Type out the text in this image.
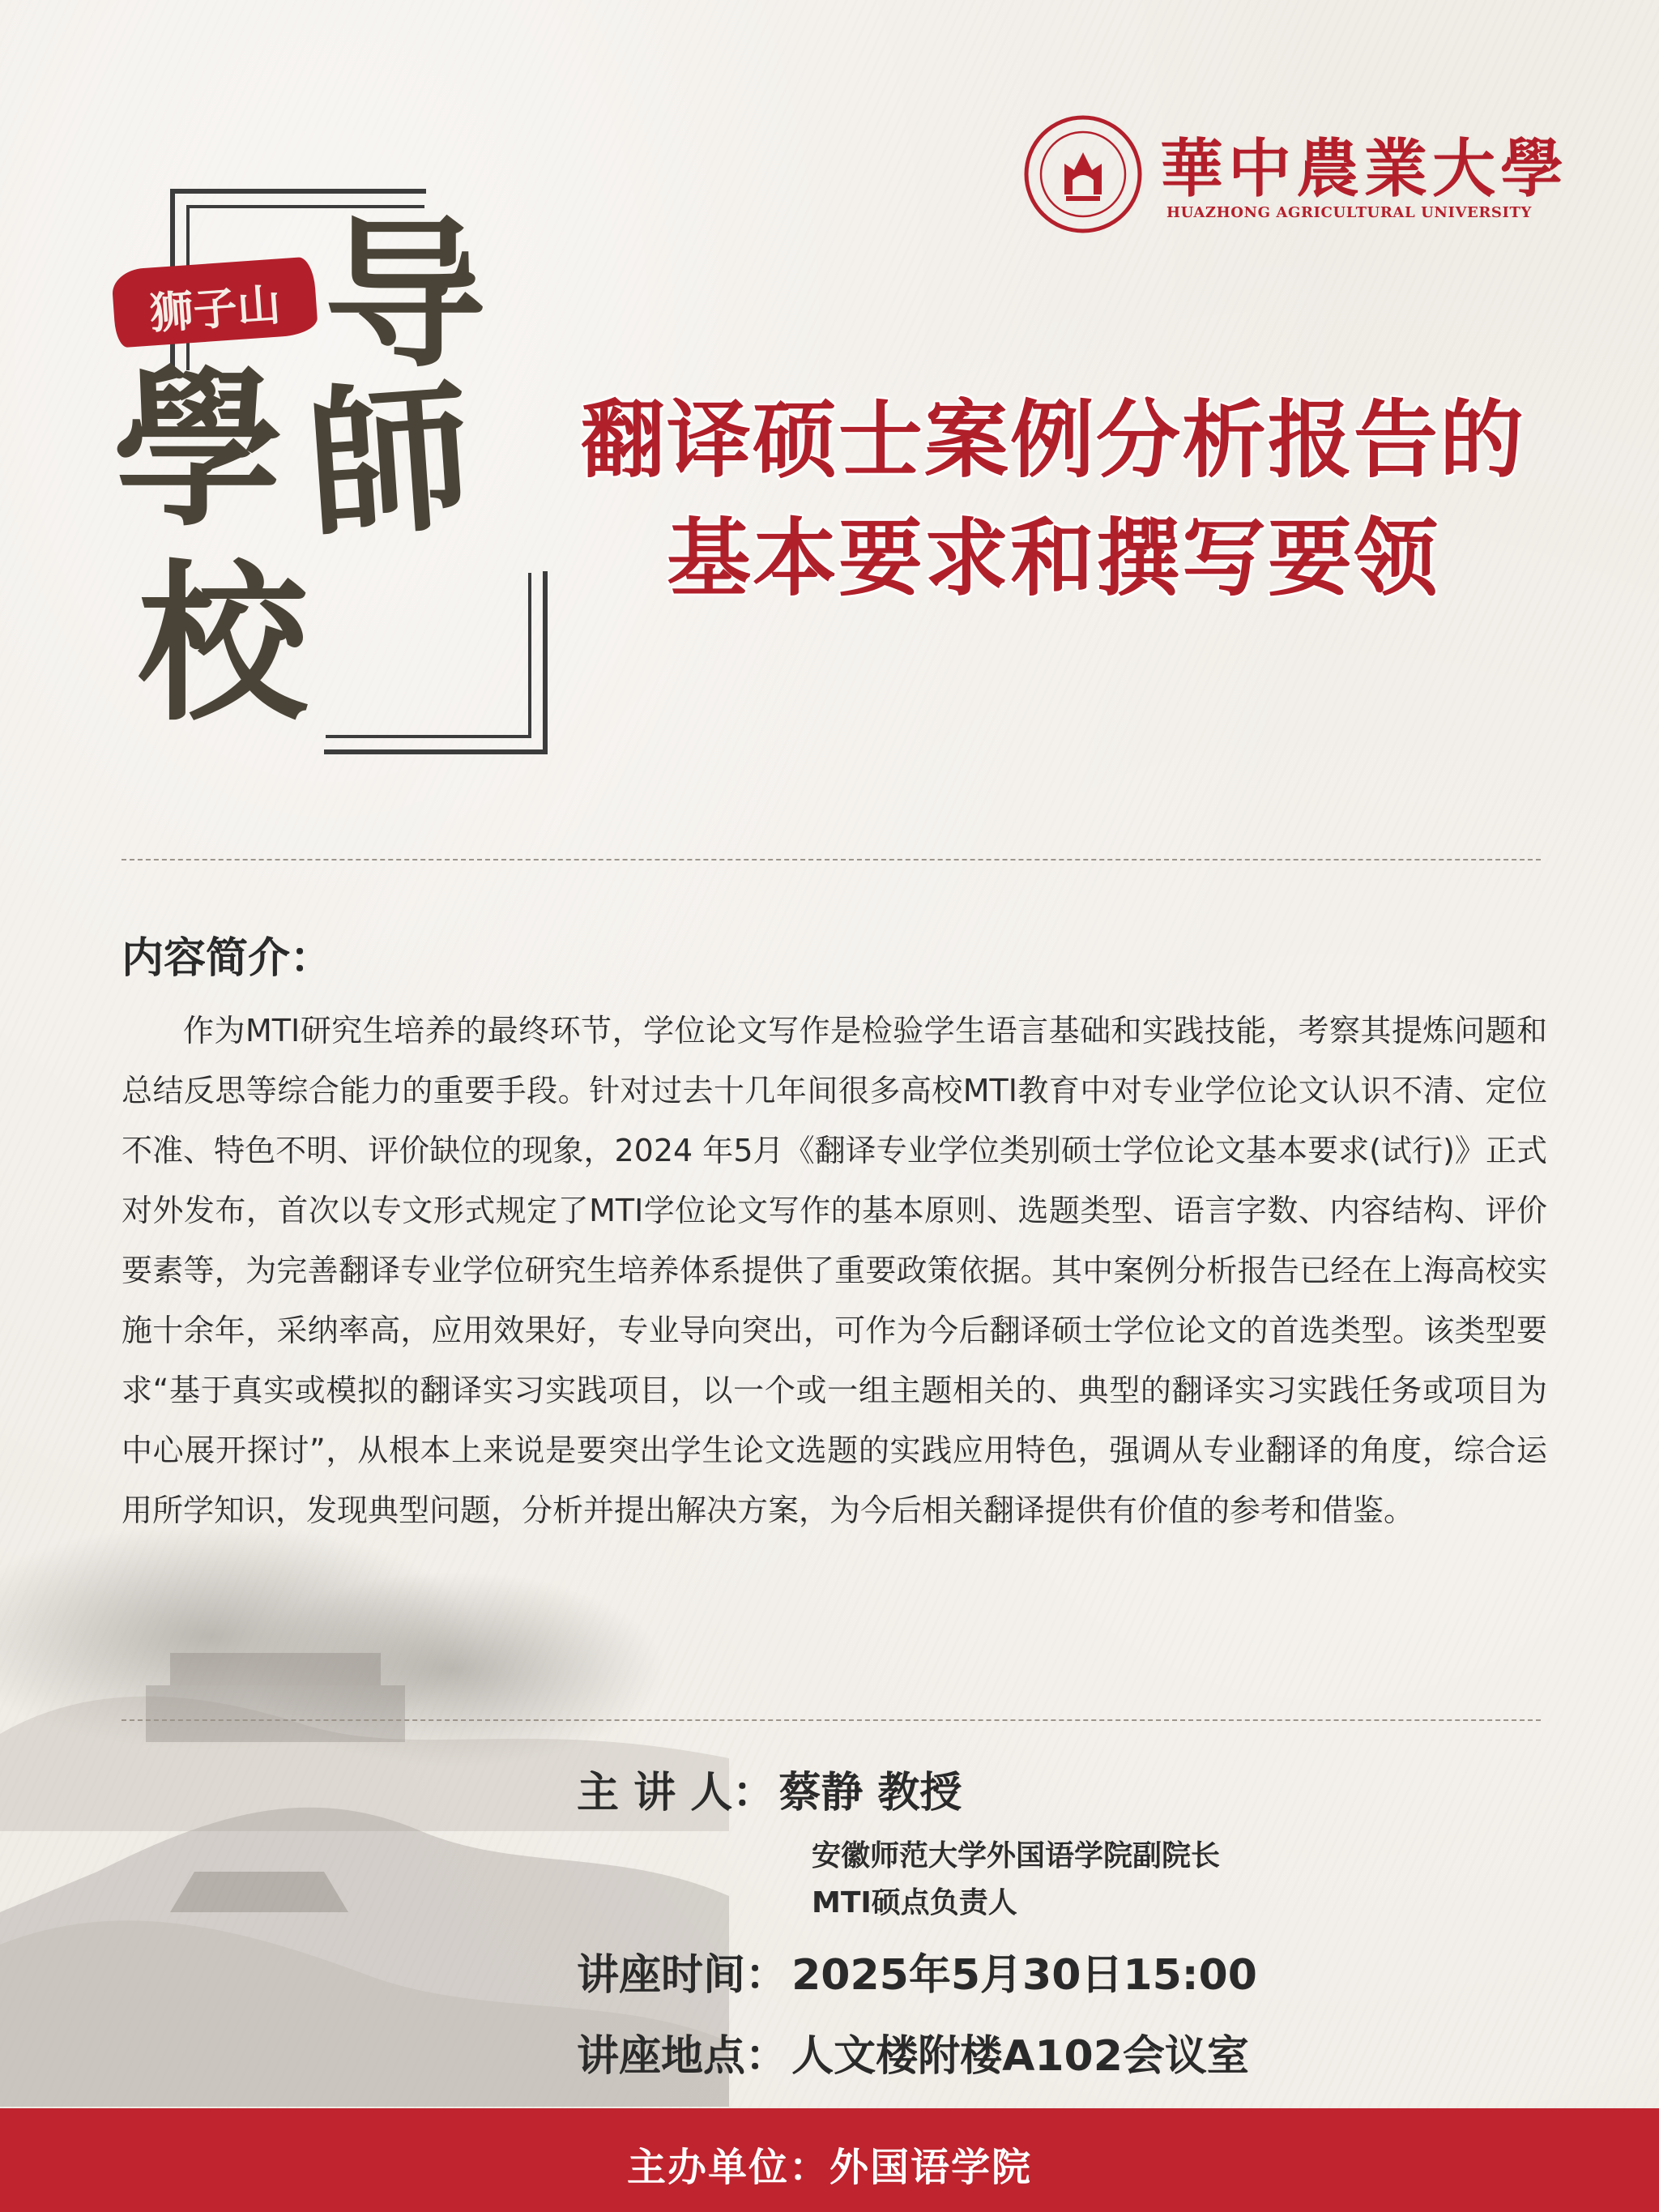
華中農業大學
HUAZHONG AGRICULTURAL UNIVERSITY
导
學 師
校
狮子山
翻译硕士案例分析报告的
基本要求和撰写要领
内容简介：

作为MTI研究生培养的最终环节，学位论文写作是检验学生语言基础和实践技能，考察其提炼问题和总结反思等综合能力的重要手段。针对过去十几年间很多高校MTI教育中对专业学位论文认识不清、定位不准、特色不明、评价缺位的现象，2024 年5月《翻译专业学位类别硕士学位论文基本要求(试行)》正式对外发布，首次以专文形式规定了MTI学位论文写作的基本原则、选题类型、语言字数、内容结构、评价要素等，为完善翻译专业学位研究生培养体系提供了重要政策依据。其中案例分析报告已经在上海高校实施十余年，采纳率高，应用效果好，专业导向突出，可作为今后翻译硕士学位论文的首选类型。该类型要求“基于真实或模拟的翻译实习实践项目，以一个或一组主题相关的、典型的翻译实习实践任务或项目为中心展开探讨”，从根本上来说是要突出学生论文选题的实践应用特色，强调从专业翻译的角度，综合运用所学知识，发现典型问题，分析并提出解决方案，为今后相关翻译提供有价值的参考和借鉴。

主 讲 人： 蔡静 教授
安徽师范大学外国语学院副院长
MTI硕点负责人
讲座时间： 2025年5月30日15:00
讲座地点： 人文楼附楼A102会议室
主办单位：外国语学院
